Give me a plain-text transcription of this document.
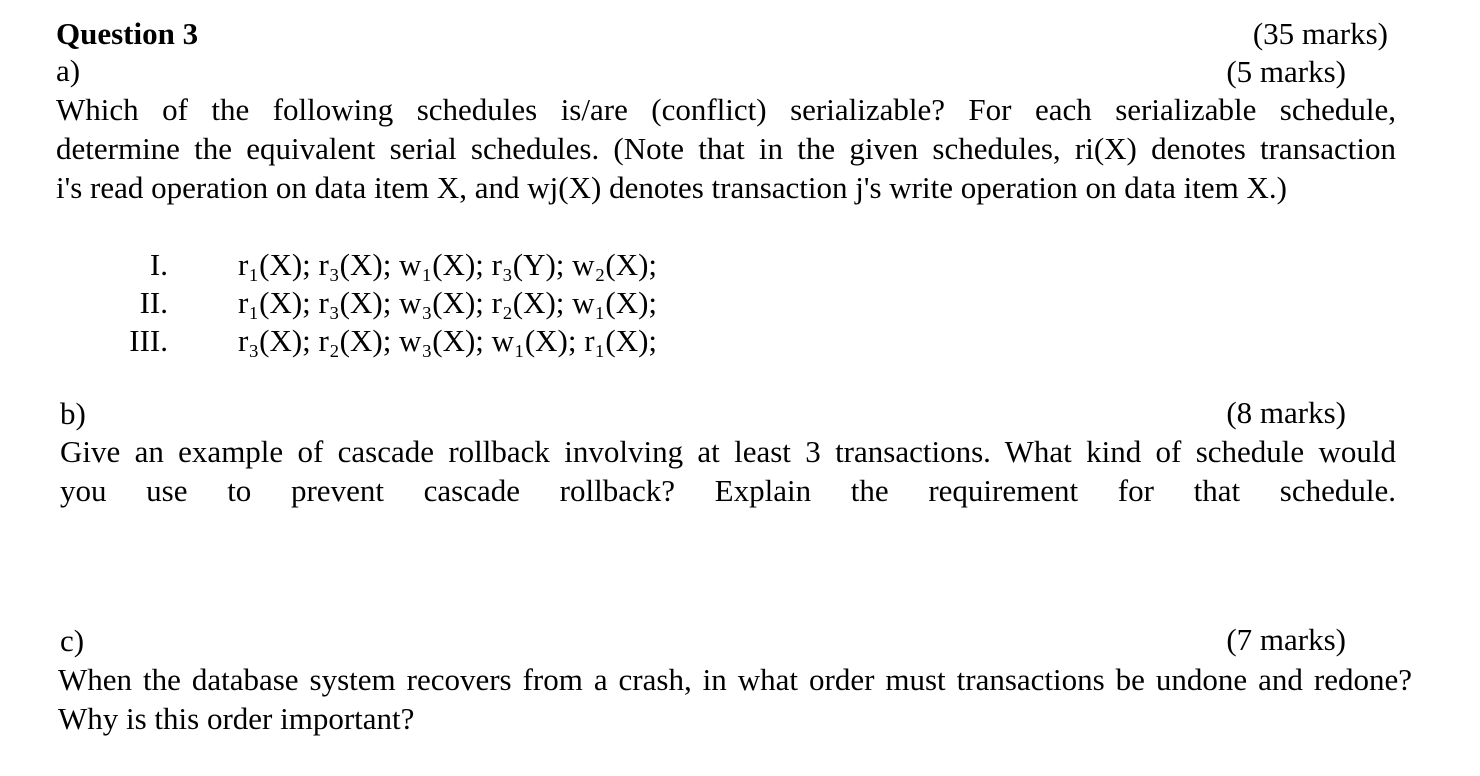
Question 3	(35 marks)
a)	(5 marks)
Which of the following schedules is/are (conflict) serializable? For each serializable schedule,
determine the equivalent serial schedules. (Note that in the given schedules, ri(X) denotes transaction
i's read operation on data item X, and wj(X) denotes transaction j's write operation on data item X.)
I. r₁(X); r₃(X); w₁(X); r₃(Y); w₂(X);
II. r₁(X); r₃(X); w₃(X); r₂(X); w₁(X);
III. r₃(X); r₂(X); w₃(X); w₁(X); r₁(X);
b)	(8 marks)
Give an example of cascade rollback involving at least 3 transactions. What kind of schedule would
you use to prevent cascade rollback? Explain the requirement for that schedule.
c)	(7 marks)
When the database system recovers from a crash, in what order must transactions be undone and redone?
Why is this order important?
